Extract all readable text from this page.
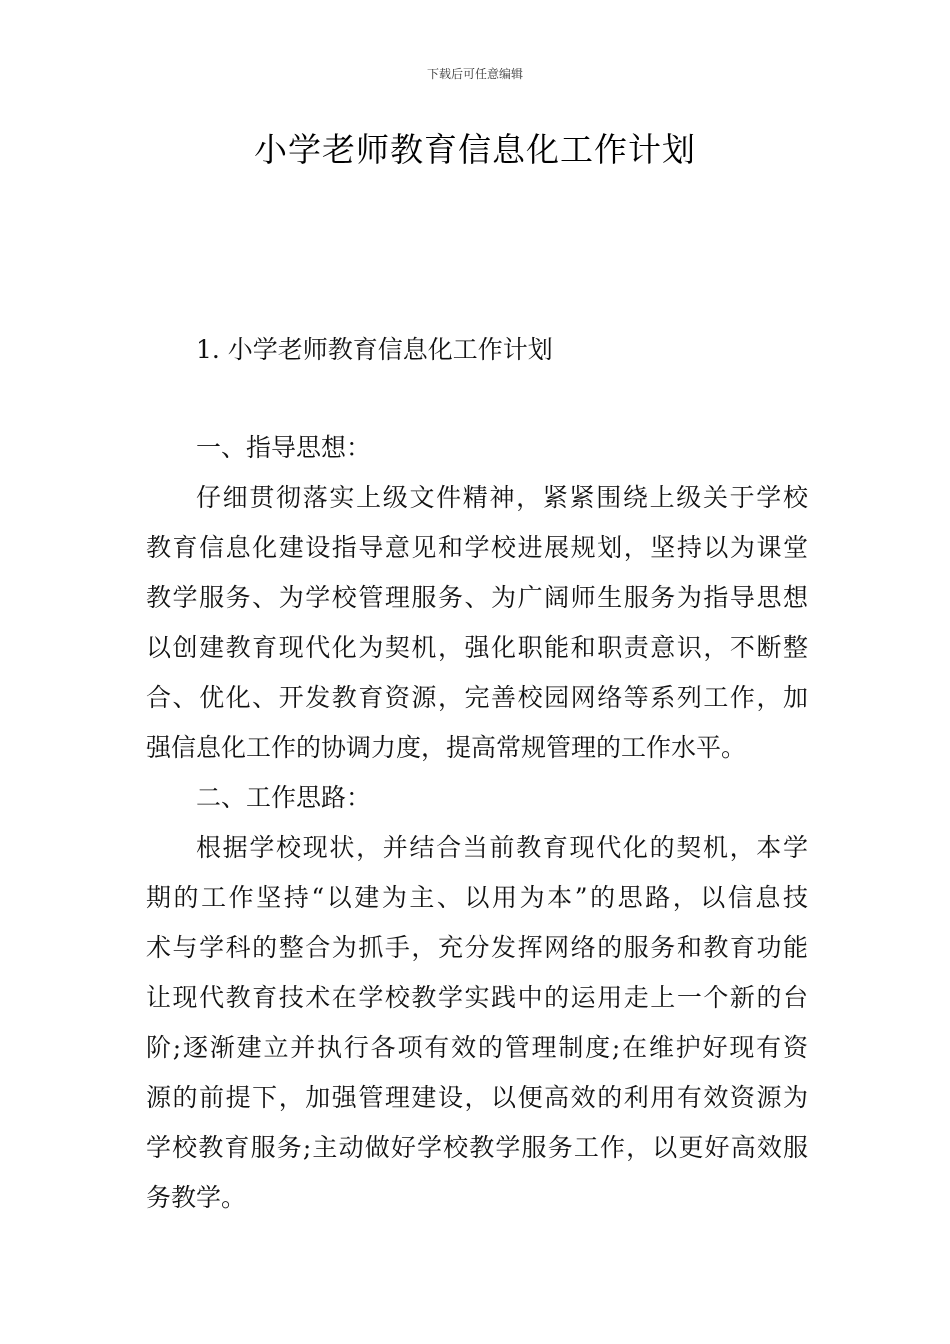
下载后可任意编辑
小学老师教育信息化工作计划
1. 小学老师教育信息化工作计划
一、指导思想：
仔细贯彻落实上级文件精神，紧紧围绕上级关于学校
教育信息化建设指导意见和学校进展规划，坚持以为课堂
教学服务、为学校管理服务、为广阔师生服务为指导思想
以创建教育现代化为契机，强化职能和职责意识，不断整
合、优化、开发教育资源，完善校园网络等系列工作，加
强信息化工作的协调力度，提高常规管理的工作水平。
二、工作思路：
根据学校现状，并结合当前教育现代化的契机，本学
期的工作坚持“以建为主、以用为本”的思路，以信息技
术与学科的整合为抓手，充分发挥网络的服务和教育功能
让现代教育技术在学校教学实践中的运用走上一个新的台
阶;逐渐建立并执行各项有效的管理制度;在维护好现有资
源的前提下，加强管理建设，以便高效的利用有效资源为
学校教育服务;主动做好学校教学服务工作，以更好高效服
务教学。
